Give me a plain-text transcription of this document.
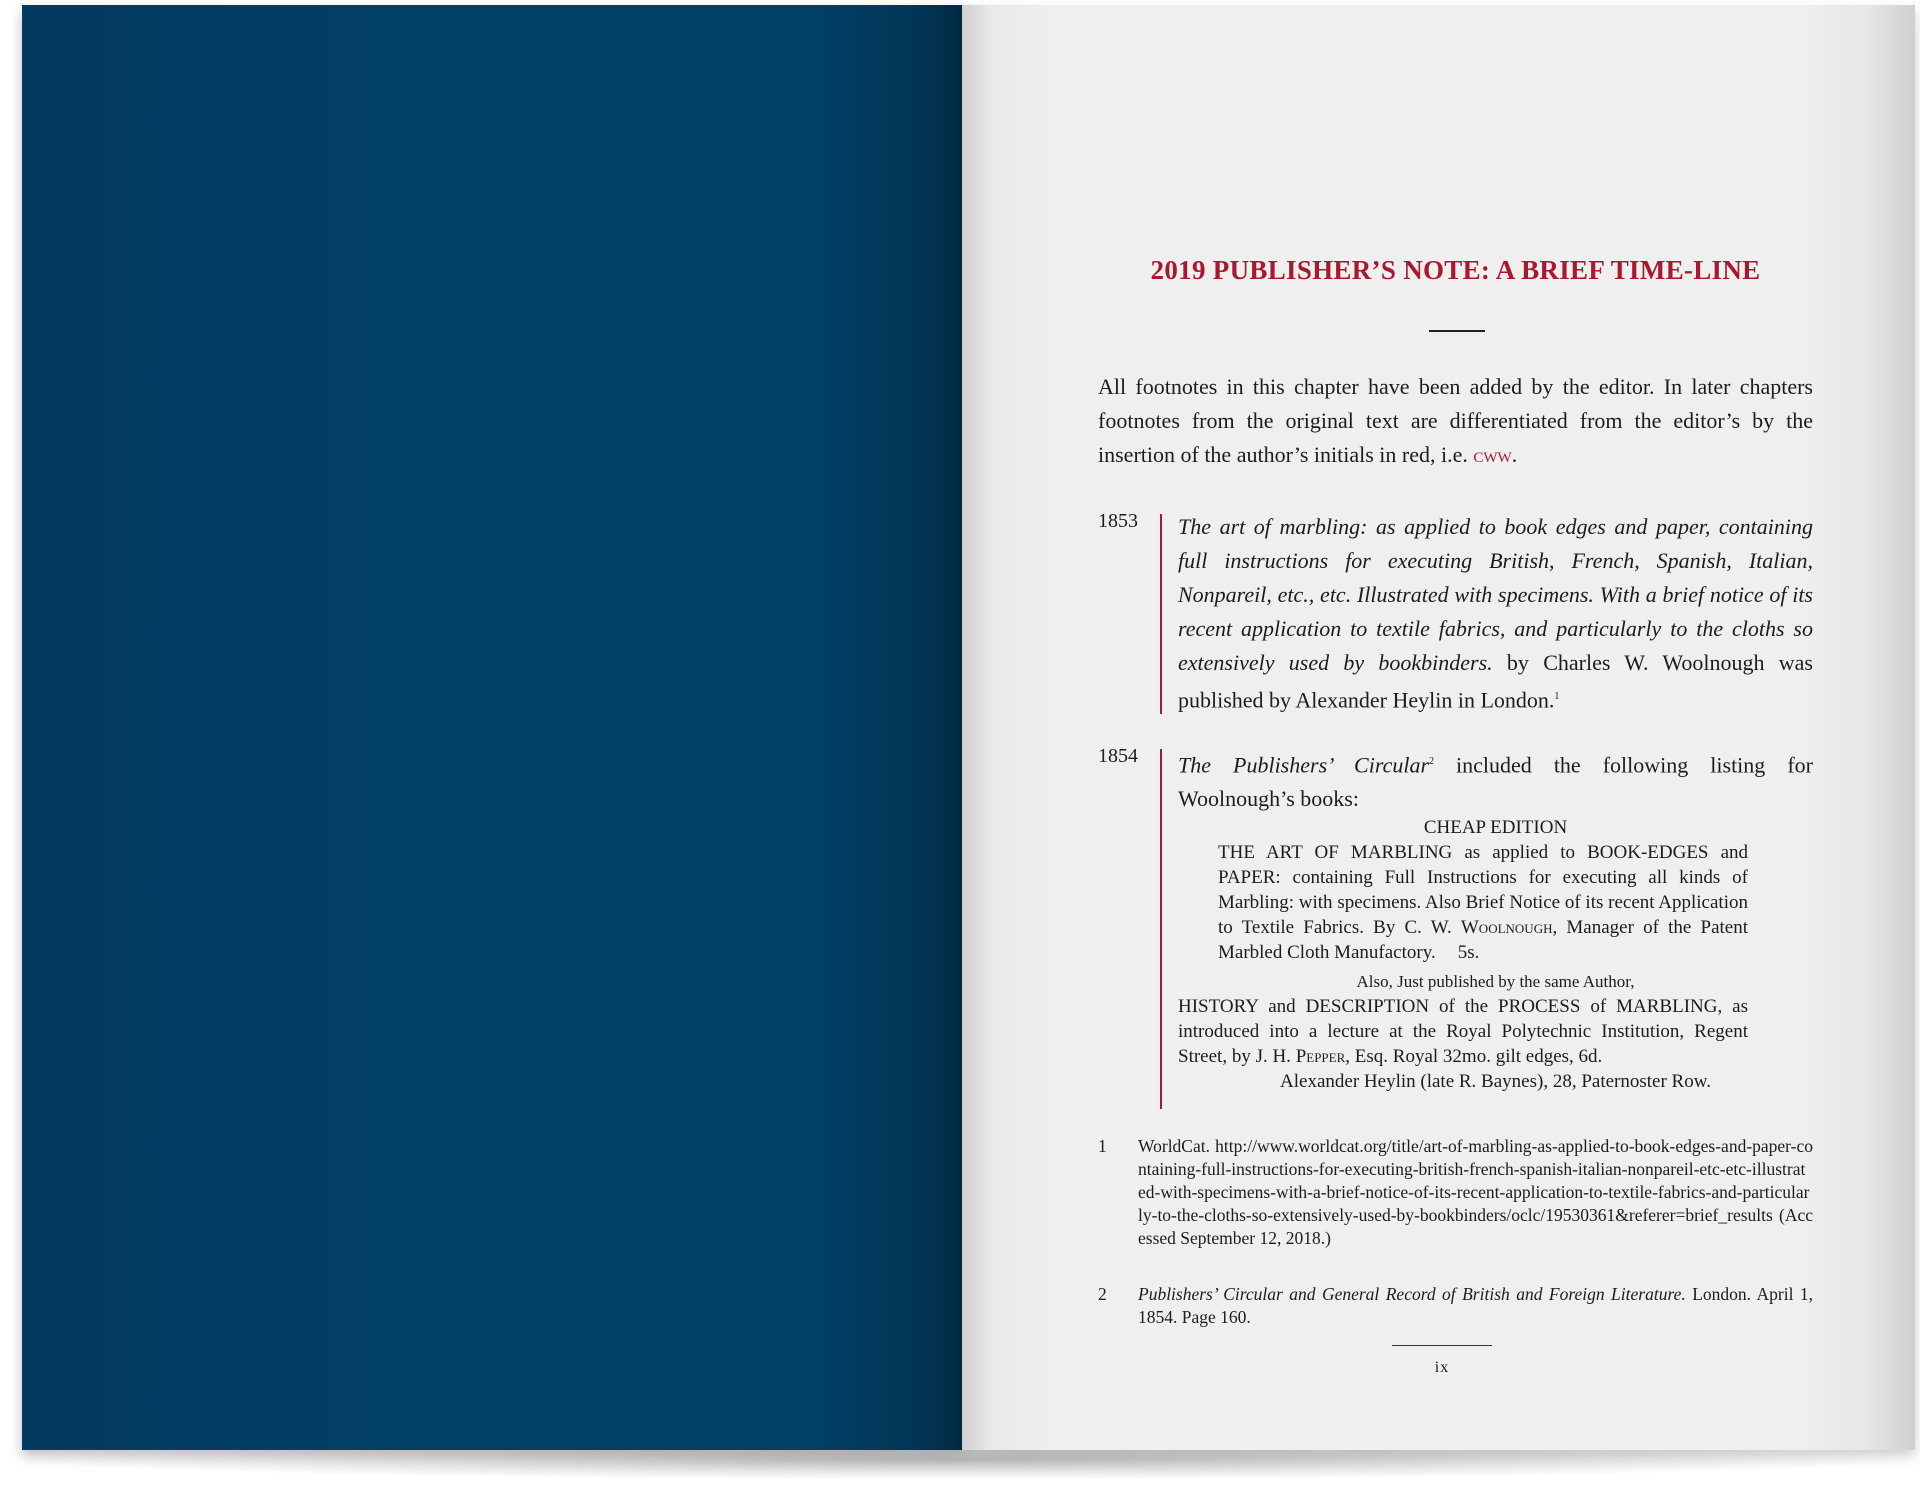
2019 PUBLISHER’S NOTE: A BRIEF TIME-LINE

All footnotes in this chapter have been added by the editor. In later chapters footnotes from the original text are differentiated from the editor’s by the insertion of the author’s initials in red, i.e. cww.

1853 The art of marbling: as applied to book edges and paper, containing full instructions for executing British, French, Spanish, Italian, Nonpareil, etc., etc. Illustrated with specimens. With a brief notice of its recent application to textile fabrics, and particularly to the cloths so extensively used by bookbinders. by Charles W. Woolnough was published by Alexander Heylin in London.$^1$
1854 The Publishers’ Circular$^2$ included the following listing for Woolnough’s books:
CHEAP EDITION
THE ART OF MARBLING as applied to BOOK-EDGES and PAPER: containing Full Instructions for executing all kinds of Marbling: with specimens. Also Brief Notice of its recent Application to Textile Fabrics. By C. W. Woolnough, Manager of the Patent Marbled Cloth Manufactory. 5s.
Also, Just published by the same Author,
HISTORY and DESCRIPTION of the PROCESS of MARBLING, as introduced into a lecture at the Royal Polytechnic Institution, Regent Street, by J. H. Pepper, Esq. Royal 32mo. gilt edges, 6d.
Alexander Heylin (late R. Baynes), 28, Paternoster Row.
1 WorldCat. http://www.worldcat.org/title/art-of-marbling-as-applied-to-book-edges-and-paper-containing-full-instructions-for-executing-british-french-spanish-italian-nonpareil-etc-etc-illustrated-with-specimens-with-a-brief-notice-of-its-recent-application-to-textile-fabrics-and-particularly-to-the-cloths-so-extensively-used-by-bookbinders/oclc/19530361&referer=brief_results (Accessed September 12, 2018.)
2 Publishers’ Circular and General Record of British and Foreign Literature. London. April 1, 1854. Page 160.
ix
